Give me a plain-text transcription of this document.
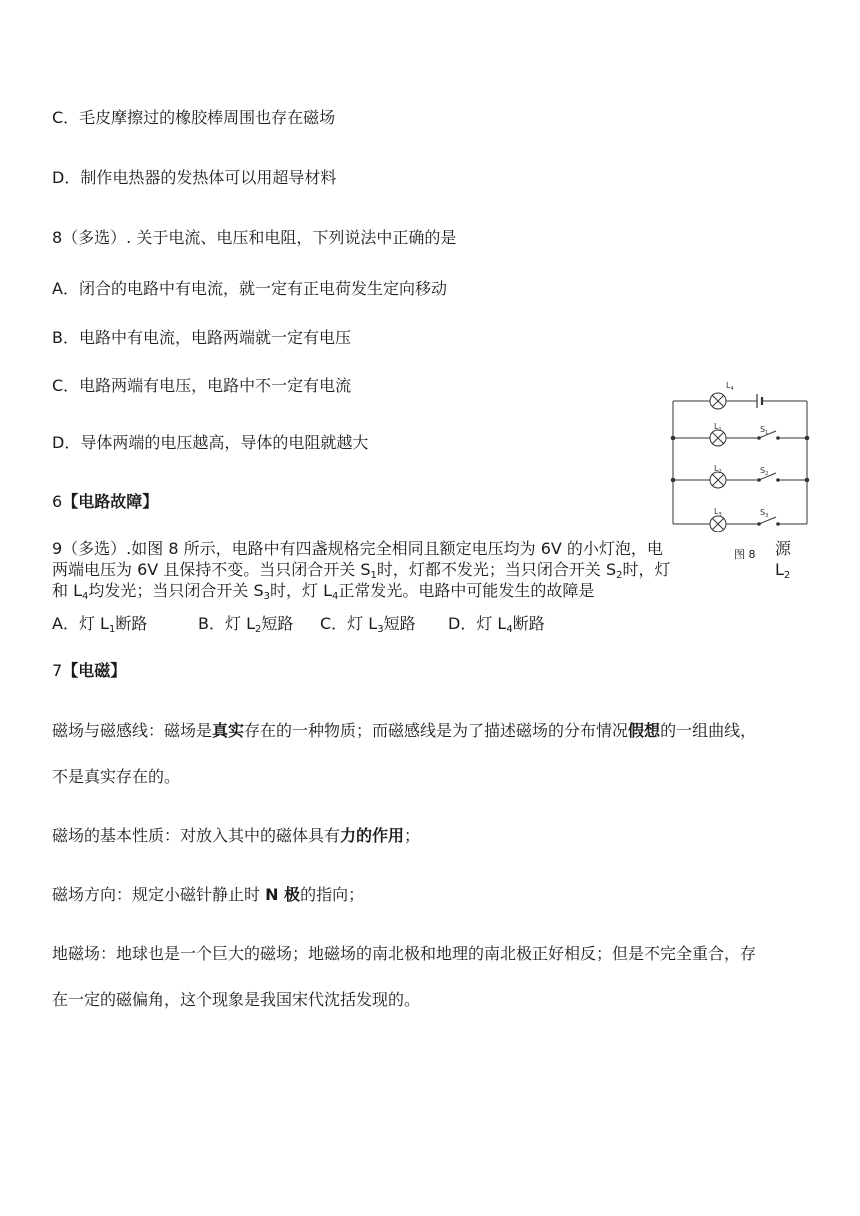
C．毛皮摩擦过的橡胶棒周围也存在磁场
D．制作电热器的发热体可以用超导材料
8（多选）. 关于电流、电压和电阻，下列说法中正确的是
A．闭合的电路中有电流，就一定有正电荷发生定向移动
B．电路中有电流，电路两端就一定有电压
C．电路两端有电压，电路中不一定有电流
D．导体两端的电压越高，导体的电阻就越大
6【电路故障】
9（多选）.如图 8 所示，电路中有四盏规格完全相同且额定电压均为 6V 的小灯泡，电
两端电压为 6V 且保持不变。当只闭合开关 $S_1$时，灯都不发光；当只闭合开关 $S_2$时，灯
和 $L_4$均发光；当只闭合开关 $S_3$时，灯 $L_4$正常发光。电路中可能发生的故障是
源
$L_2$
A．灯 $L_1$断路	B．灯 $L_2$短路 C．灯 $L_3$短路 D．灯 $L_4$断路
$L_4$
$L_1$
$L_2$
$L_3$
$S_1$
$S_2$
$S_3$
图 8
7【电磁】
磁场与磁感线：磁场是真实存在的一种物质；而磁感线是为了描述磁场的分布情况假想的一组曲线，
不是真实存在的。
磁场的基本性质：对放入其中的磁体具有力的作用；
磁场方向：规定小磁针静止时 N 极的指向；
地磁场：地球也是一个巨大的磁场；地磁场的南北极和地理的南北极正好相反；但是不完全重合，存
在一定的磁偏角，这个现象是我国宋代沈括发现的。
